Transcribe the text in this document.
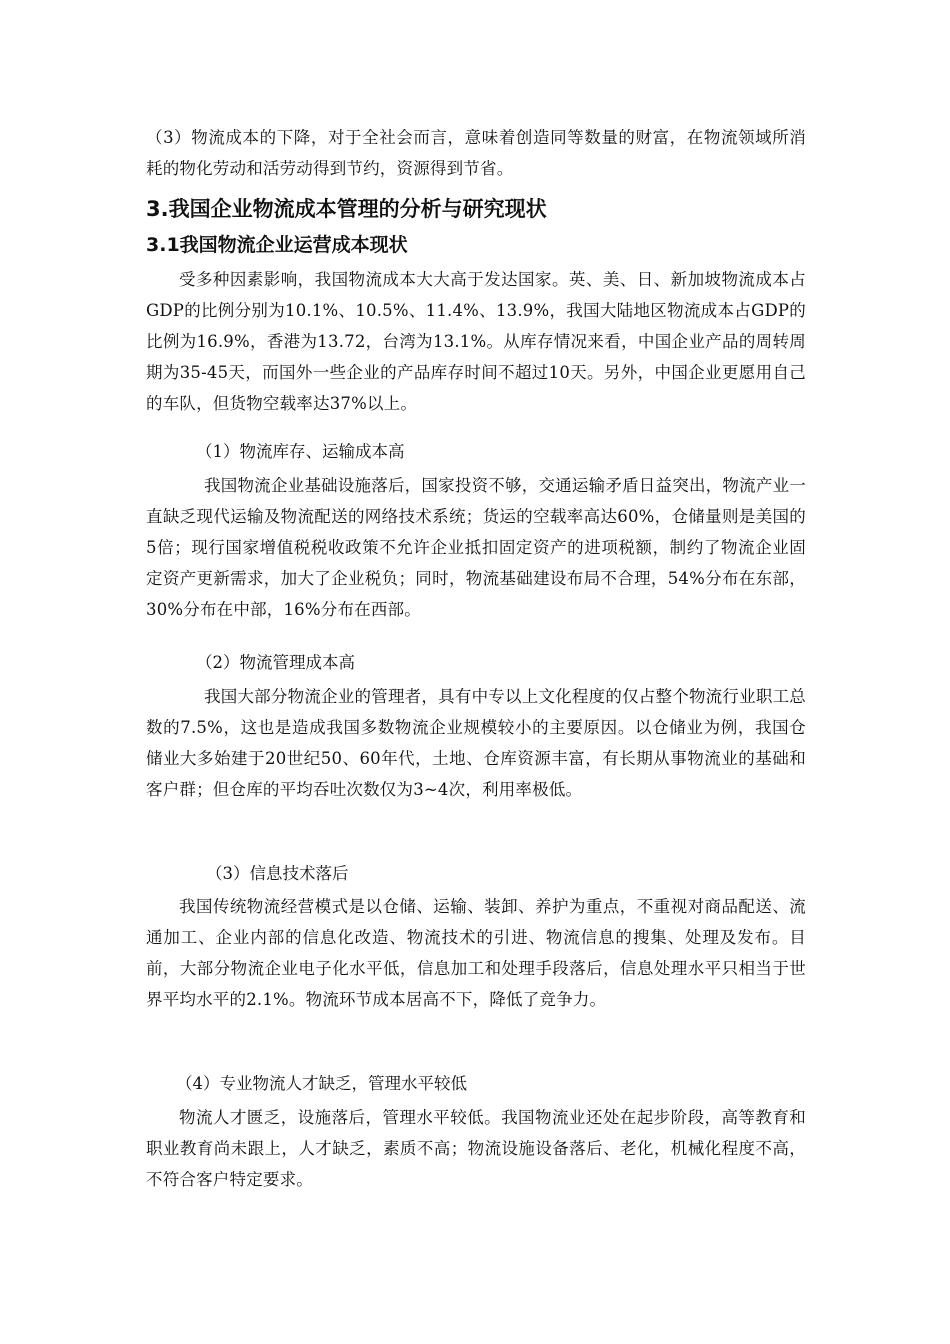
（3）物流成本的下降，对于全社会而言，意味着创造同等数量的财富，在物流领域所消耗的物化劳动和活劳动得到节约，资源得到节省。

3.我国企业物流成本管理的分析与研究现状
3.1我国物流企业运营成本现状

受多种因素影响，我国物流成本大大高于发达国家。英、美、日、新加坡物流成本占GDP的比例分别为10.1%、10.5%、11.4%、13.9%，我国大陆地区物流成本占GDP的比例为16.9%，香港为13.72，台湾为13.1%。从库存情况来看，中国企业产品的周转周期为35-45天，而国外一些企业的产品库存时间不超过10天。另外，中国企业更愿用自己的车队，但货物空载率达37%以上。

（1）物流库存、运输成本高

我国物流企业基础设施落后，国家投资不够，交通运输矛盾日益突出，物流产业一直缺乏现代运输及物流配送的网络技术系统；货运的空载率高达60%，仓储量则是美国的5倍；现行国家增值税税收政策不允许企业抵扣固定资产的进项税额，制约了物流企业固定资产更新需求，加大了企业税负；同时，物流基础建设布局不合理，54%分布在东部，30%分布在中部，16%分布在西部。

（2）物流管理成本高

我国大部分物流企业的管理者，具有中专以上文化程度的仅占整个物流行业职工总数的7.5%，这也是造成我国多数物流企业规模较小的主要原因。以仓储业为例，我国仓储业大多始建于20世纪50、60年代，土地、仓库资源丰富，有长期从事物流业的基础和客户群；但仓库的平均吞吐次数仅为3~4次，利用率极低。

（3）信息技术落后

我国传统物流经营模式是以仓储、运输、装卸、养护为重点，不重视对商品配送、流通加工、企业内部的信息化改造、物流技术的引进、物流信息的搜集、处理及发布。目前，大部分物流企业电子化水平低，信息加工和处理手段落后，信息处理水平只相当于世界平均水平的2.1%。物流环节成本居高不下，降低了竞争力。

（4）专业物流人才缺乏，管理水平较低

物流人才匮乏，设施落后，管理水平较低。我国物流业还处在起步阶段，高等教育和职业教育尚未跟上，人才缺乏，素质不高；物流设施设备落后、老化，机械化程度不高，不符合客户特定要求。
